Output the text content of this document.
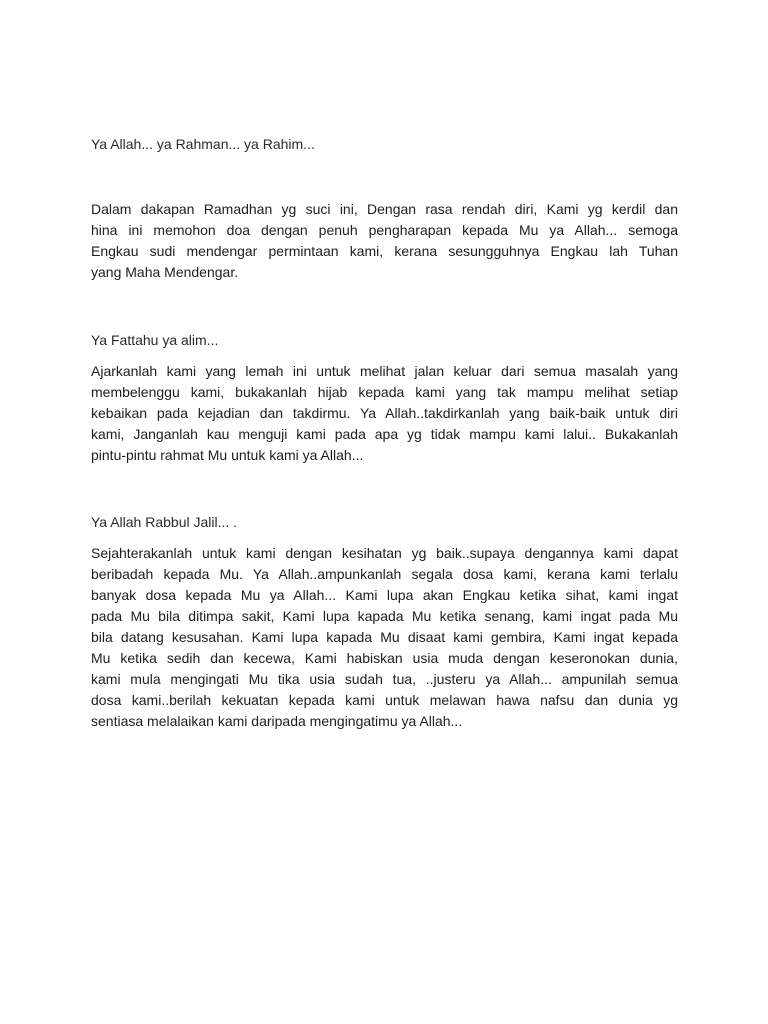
Ya Allah... ya Rahman... ya Rahim...
Dalam dakapan Ramadhan yg suci ini, Dengan rasa rendah diri, Kami yg kerdil dan
hina ini memohon doa dengan penuh pengharapan kepada Mu ya Allah... semoga
Engkau sudi mendengar permintaan kami, kerana sesungguhnya Engkau lah Tuhan
yang Maha Mendengar.
Ya Fattahu ya alim...
Ajarkanlah kami yang lemah ini untuk melihat jalan keluar dari semua masalah yang
membelenggu kami, bukakanlah hijab kepada kami yang tak mampu melihat setiap
kebaikan pada kejadian dan takdirmu. Ya Allah..takdirkanlah yang baik-baik untuk diri
kami, Janganlah kau menguji kami pada apa yg tidak mampu kami lalui.. Bukakanlah
pintu-pintu rahmat Mu untuk kami ya Allah...
Ya Allah Rabbul Jalil... .
Sejahterakanlah untuk kami dengan kesihatan yg baik..supaya dengannya kami dapat
beribadah kepada Mu. Ya Allah..ampunkanlah segala dosa kami, kerana kami terlalu
banyak dosa kepada Mu ya Allah... Kami lupa akan Engkau ketika sihat, kami ingat
pada Mu bila ditimpa sakit, Kami lupa kapada Mu ketika senang, kami ingat pada Mu
bila datang kesusahan. Kami lupa kapada Mu disaat kami gembira, Kami ingat kepada
Mu ketika sedih dan kecewa, Kami habiskan usia muda dengan keseronokan dunia,
kami mula mengingati Mu tika usia sudah tua, ..justeru ya Allah... ampunilah semua
dosa kami..berilah kekuatan kepada kami untuk melawan hawa nafsu dan dunia yg
sentiasa melalaikan kami daripada mengingatimu ya Allah...
